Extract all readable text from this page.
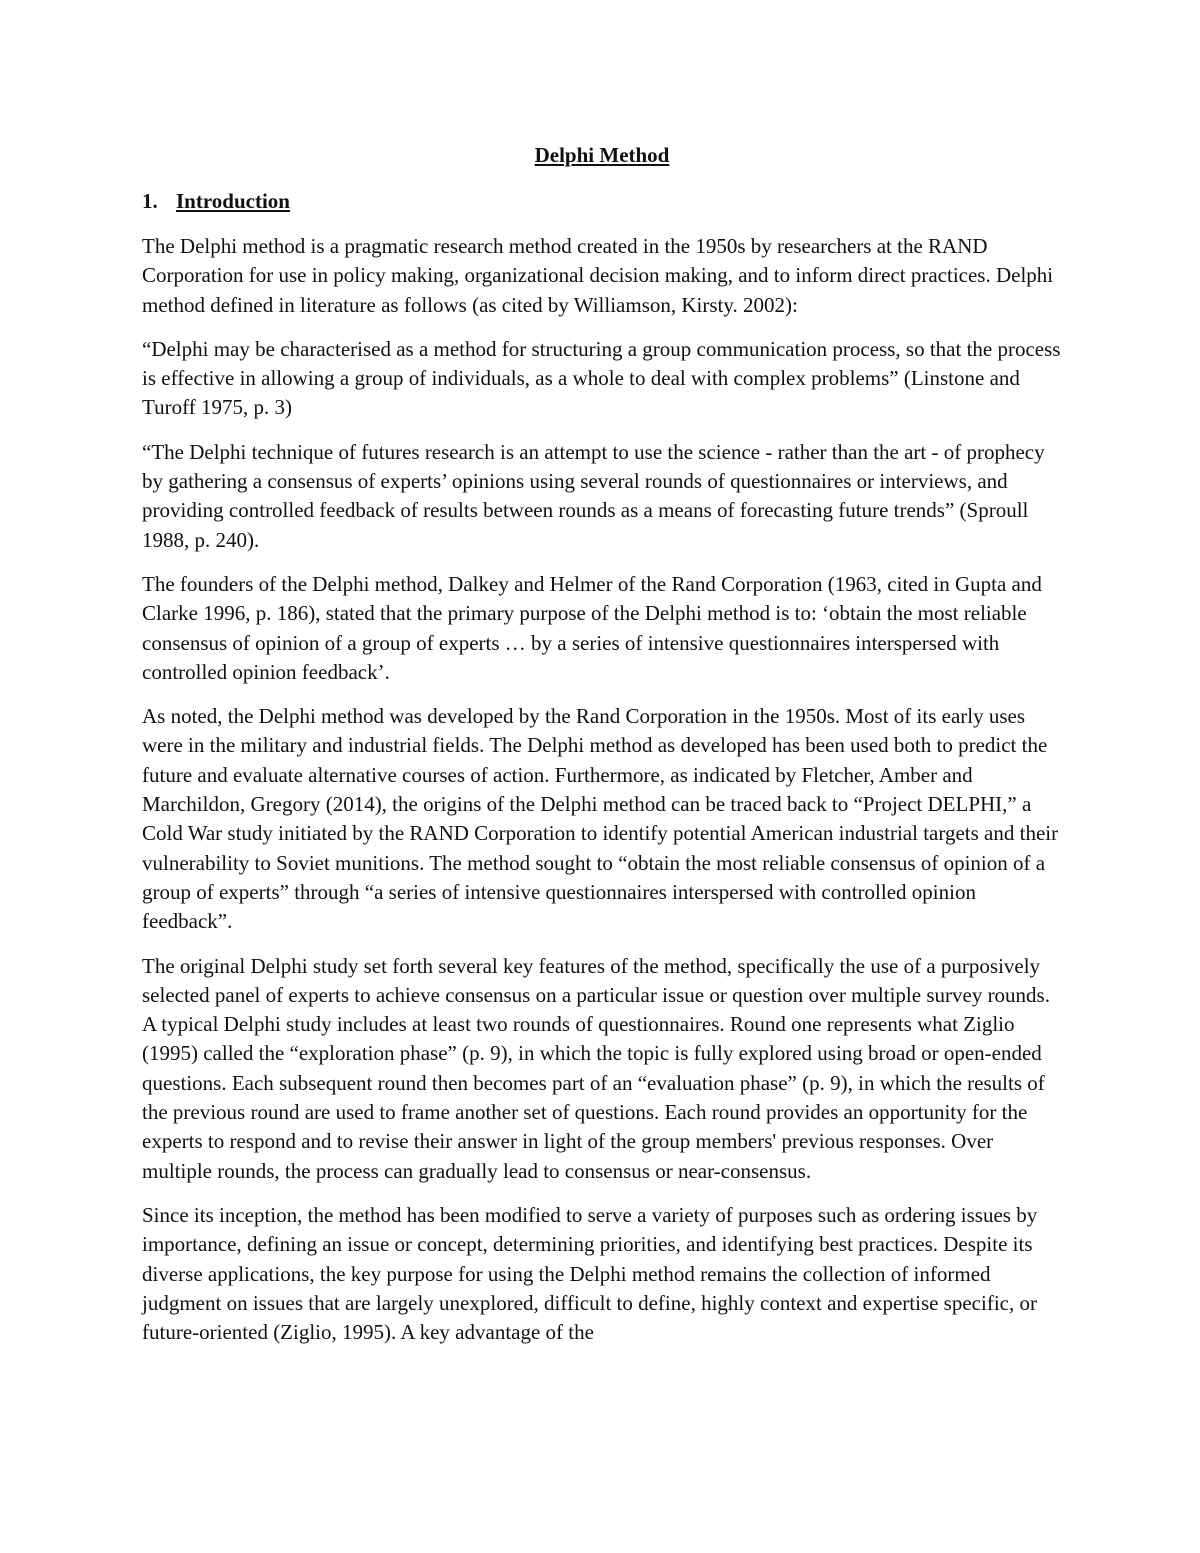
Delphi Method
1. Introduction

The Delphi method is a pragmatic research method created in the 1950s by researchers at the RAND Corporation for use in policy making, organizational decision making, and to inform direct practices. Delphi method defined in literature as follows (as cited by Williamson, Kirsty. 2002):

“Delphi may be characterised as a method for structuring a group communication process, so that the process is effective in allowing a group of individuals, as a whole to deal with complex problems” (Linstone and Turoff 1975, p. 3)

“The Delphi technique of futures research is an attempt to use the science - rather than the art - of prophecy by gathering a consensus of experts’ opinions using several rounds of questionnaires or interviews, and providing controlled feedback of results between rounds as a means of forecasting future trends” (Sproull 1988, p. 240).

The founders of the Delphi method, Dalkey and Helmer of the Rand Corporation (1963, cited in Gupta and Clarke 1996, p. 186), stated that the primary purpose of the Delphi method is to: ‘obtain the most reliable consensus of opinion of a group of experts … by a series of intensive questionnaires interspersed with controlled opinion feedback’.

As noted, the Delphi method was developed by the Rand Corporation in the 1950s. Most of its early uses were in the military and industrial fields. The Delphi method as developed has been used both to predict the future and evaluate alternative courses of action. Furthermore, as indicated by Fletcher, Amber and Marchildon, Gregory (2014), the origins of the Delphi method can be traced back to “Project DELPHI,” a Cold War study initiated by the RAND Corporation to identify potential American industrial targets and their vulnerability to Soviet munitions. The method sought to “obtain the most reliable consensus of opinion of a group of experts” through “a series of intensive questionnaires interspersed with controlled opinion feedback”.

The original Delphi study set forth several key features of the method, specifically the use of a purposively selected panel of experts to achieve consensus on a particular issue or question over multiple survey rounds. A typical Delphi study includes at least two rounds of questionnaires. Round one represents what Ziglio (1995) called the “exploration phase” (p. 9), in which the topic is fully explored using broad or open-ended questions. Each subsequent round then becomes part of an “evaluation phase” (p. 9), in which the results of the previous round are used to frame another set of questions. Each round provides an opportunity for the experts to respond and to revise their answer in light of the group members' previous responses. Over multiple rounds, the process can gradually lead to consensus or near-consensus.

Since its inception, the method has been modified to serve a variety of purposes such as ordering issues by importance, defining an issue or concept, determining priorities, and identifying best practices. Despite its diverse applications, the key purpose for using the Delphi method remains the collection of informed judgment on issues that are largely unexplored, difficult to define, highly context and expertise specific, or future-oriented (Ziglio, 1995). A key advantage of the
